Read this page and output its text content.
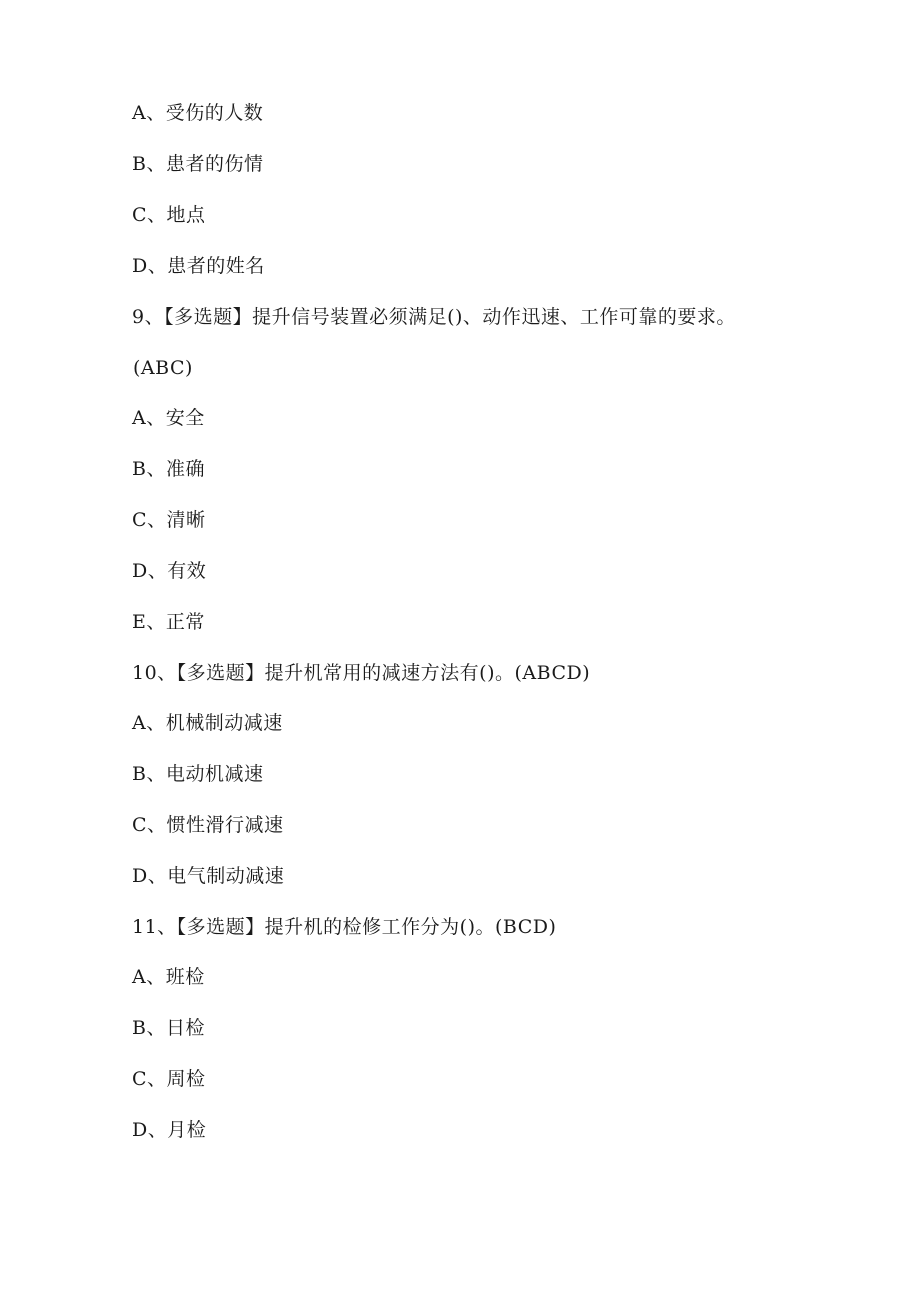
A、受伤的人数
B、患者的伤情
C、地点
D、患者的姓名
9、【多选题】提升信号装置必须满足()、动作迅速、工作可靠的要求。
(ABC)
A、安全
B、准确
C、清晰
D、有效
E、正常
10、【多选题】提升机常用的减速方法有()。(ABCD)
A、机械制动减速
B、电动机减速
C、惯性滑行减速
D、电气制动减速
11、【多选题】提升机的检修工作分为()。(BCD)
A、班检
B、日检
C、周检
D、月检
